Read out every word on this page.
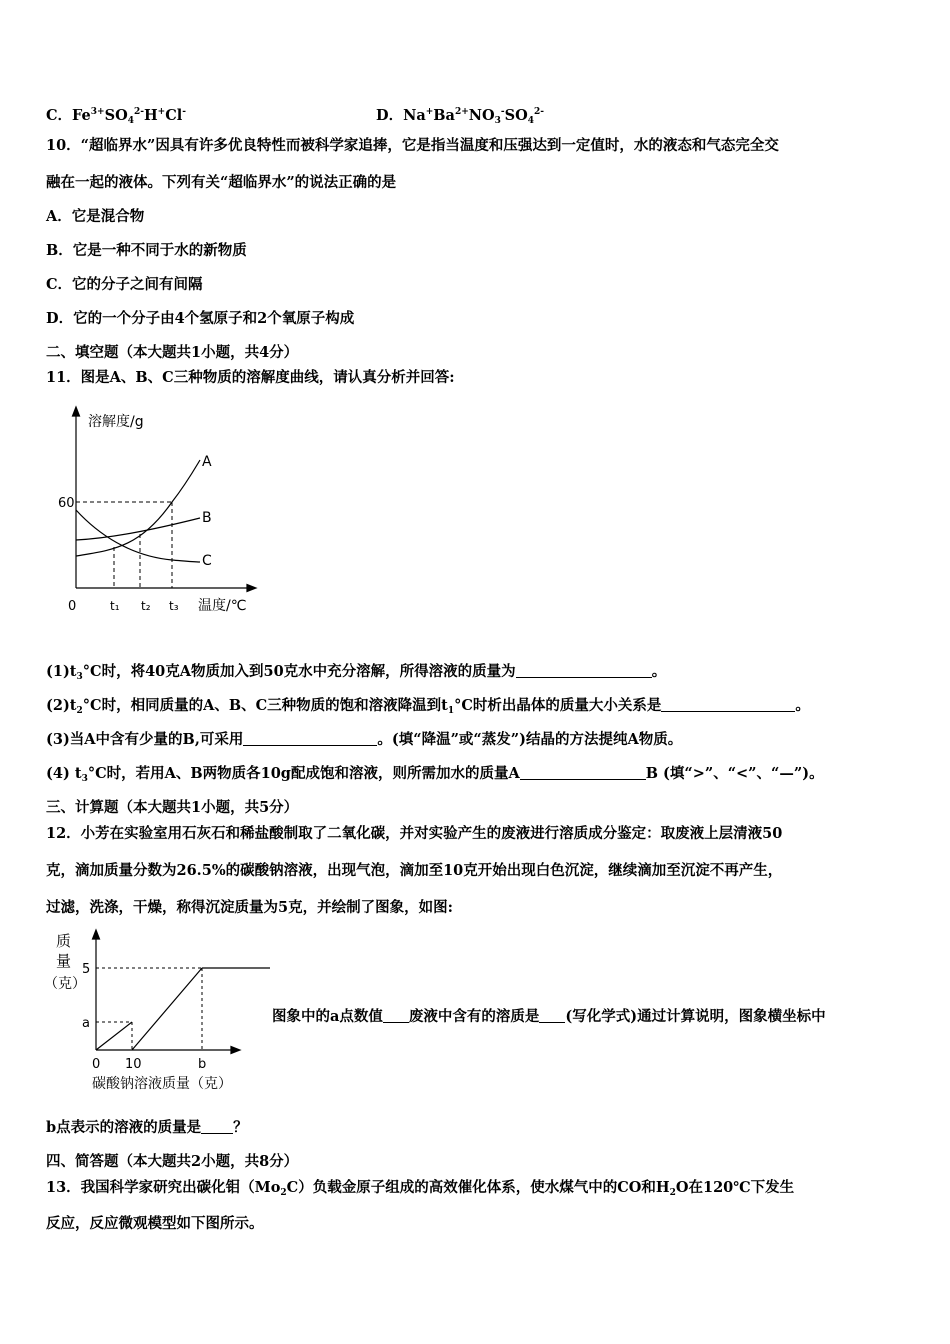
C．$Fe^{3+}SO_4^{2-}H^+Cl^-$	D．$Na^+Ba^{2+}NO_3^-SO_4^{2-}$
10．“超临界水”因具有许多优良特性而被科学家追捧，它是指当温度和压强达到一定值时，水的液态和气态完全交
融在一起的液体。下列有关“超临界水”的说法正确的是
A．它是混合物
B．它是一种不同于水的新物质
C．它的分子之间有间隔
D．它的一个分子由4个氢原子和2个氧原子构成
二、填空题（本大题共1小题，共4分）
11．图是A、B、C三种物质的溶解度曲线，请认真分析并回答:
溶解度/g
60
0	t₁ t₂ t₃ 温度/℃
A
B
C
$(1)t_3^\circ C$时，将40克A物质加入到50克水中充分溶解，所得溶液的质量为	。
$(2)t_2^\circ C$时，相同质量的A、B、C三种物质的饱和溶液降温到$t_1^\circ C$时析出晶体的质量大小关系是	。
(3)当A中含有少量的B,可采用	。(填“降温”或“蒸发”)结晶的方法提纯A物质。
(4) $t_3^\circ C$时，若用A、B两物质各10g配成饱和溶液，则所需加水的质量A	B (填“>”、“<”、“—”)。
三、计算题（本大题共1小题，共5分）
12．小芳在实验室用石灰石和稀盐酸制取了二氧化碳，并对实验产生的废液进行溶质成分鉴定：取废液上层清液50
克，滴加质量分数为26.5%的碳酸钠溶液，出现气泡，滴加至10克开始出现白色沉淀，继续滴加至沉淀不再产生，
过滤，洗涤，干燥，称得沉淀质量为5克，并绘制了图象，如图:
质
量
（克）
5
a
0 10	b
碳酸钠溶液质量（克）
图象中的a点数值 废液中含有的溶质是 (写化学式)通过计算说明，图象横坐标中
b点表示的溶液的质量是 ？
四、简答题（本大题共2小题，共8分）
13．我国科学家研究出碳化钼$(Mo_2C)$负载金原子组成的高效催化体系，使水煤气中的CO和$H_2O$在120℃下发生
反应，反应微观模型如下图所示。
